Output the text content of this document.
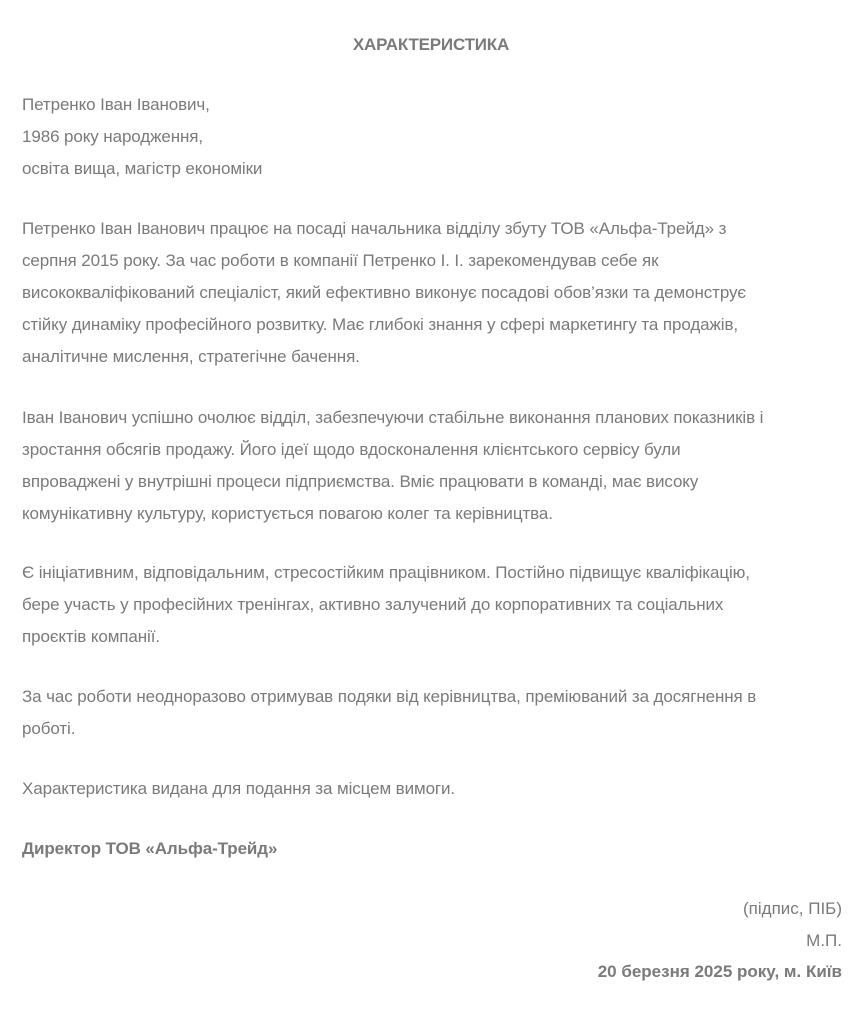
ХАРАКТЕРИСТИКА
Петренко Іван Іванович,
1986 року народження,
освіта вища, магістр економіки
Петренко Іван Іванович працює на посаді начальника відділу збуту ТОВ «Альфа-Трейд» з
серпня 2015 року. За час роботи в компанії Петренко І. І. зарекомендував себе як
висококваліфікований спеціаліст, який ефективно виконує посадові обов’язки та демонструє
стійку динаміку професійного розвитку. Має глибокі знання у сфері маркетингу та продажів,
аналітичне мислення, стратегічне бачення.
Іван Іванович успішно очолює відділ, забезпечуючи стабільне виконання планових показників і
зростання обсягів продажу. Його ідеї щодо вдосконалення клієнтського сервісу були
впроваджені у внутрішні процеси підприємства. Вміє працювати в команді, має високу
комунікативну культуру, користується повагою колег та керівництва.
Є ініціативним, відповідальним, стресостійким працівником. Постійно підвищує кваліфікацію,
бере участь у професійних тренінгах, активно залучений до корпоративних та соціальних
проєктів компанії.
За час роботи неодноразово отримував подяки від керівництва, преміюваний за досягнення в
роботі.
Характеристика видана для подання за місцем вимоги.
Директор ТОВ «Альфа-Трейд»
(підпис, ПІБ)
М.П.
20 березня 2025 року, м. Київ
